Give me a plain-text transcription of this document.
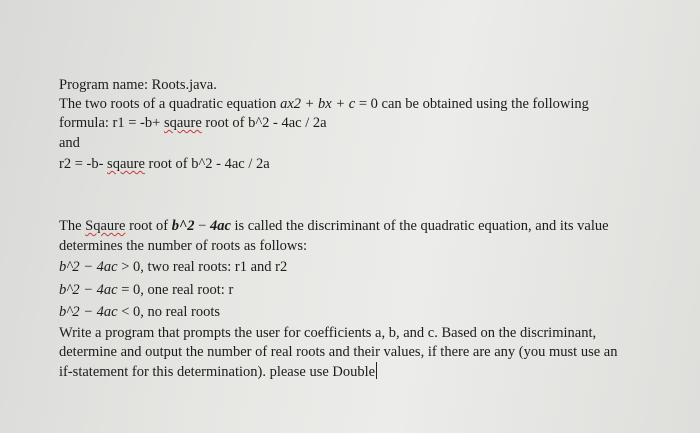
Program name: Roots.java.
The two roots of a quadratic equation ax2 + bx + c = 0 can be obtained using the following
formula: r1 = -b+ sqaure root of b^2 - 4ac / 2a
and
r2 = -b- sqaure root of b^2 - 4ac / 2a
The Sqaure root of b^2 − 4ac is called the discriminant of the quadratic equation, and its value
determines the number of roots as follows:
b^2 − 4ac > 0, two real roots: r1 and r2
b^2 − 4ac = 0, one real root: r
b^2 − 4ac < 0, no real roots
Write a program that prompts the user for coefficients a, b, and c. Based on the discriminant,
determine and output the number of real roots and their values, if there are any (you must use an
if-statement for this determination). please use Double
